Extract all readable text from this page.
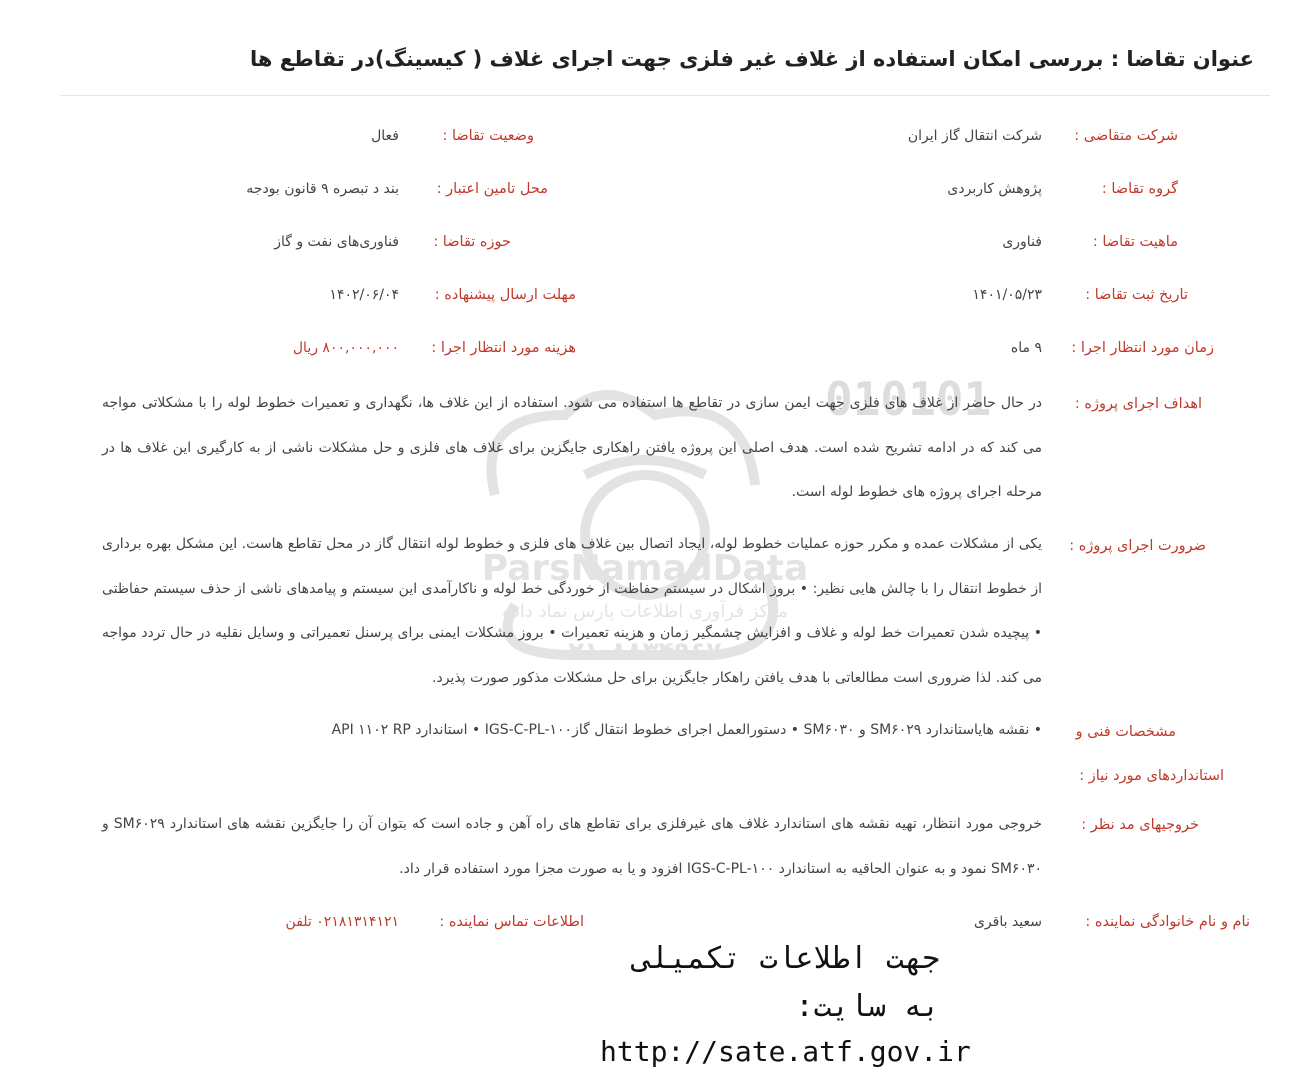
عنوان تقاضا : بررسی امکان استفاده از غلاف غیر فلزی جهت اجرای غلاف ( کیسینگ)در تقاطع ها
شرکت متقاضی :
شرکت انتقال گاز ایران
وضعیت تقاضا :
فعال
گروه تقاضا :
پژوهش کاربردی
محل تامین اعتبار :
بند د تبصره ۹ قانون بودجه
ماهیت تقاضا :
فناوری
حوزه تقاضا :
فناوری‌های نفت و گاز
تاریخ ثبت تقاضا :
۱۴۰۱/۰۵/۲۳
مهلت ارسال پیشنهاده :
۱۴۰۲/۰۶/۰۴
زمان مورد انتظار اجرا :
۹ ماه
هزینه مورد انتظار اجرا :
۸۰۰,۰۰۰,۰۰۰ ریال
010101
ParsNamadData
مرکز فرآوری اطلاعات پارس نماد داده
۰۲۱-۸۸۳۴۹۶۷۰
اهداف اجرای پروژه :
در حال حاضر از غلاف های فلزی جهت ایمن سازی در تقاطع ها استفاده می شود. استفاده از این غلاف ها، نگهداری و تعمیرات خطوط لوله را با مشکلاتی مواجه می کند که در ادامه تشریح شده است. هدف اصلی این پروژه یافتن راهکاری جایگزین برای غلاف های فلزی و حل مشکلات ناشی از به کارگیری این غلاف ها در مرحله اجرای پروژه های خطوط لوله است.
ضرورت اجرای پروژه :
یکی از مشکلات عمده و مکرر حوزه عملیات خطوط لوله، ایجاد اتصال بین غلاف های فلزی و خطوط لوله انتقال گاز در محل تقاطع هاست. این مشکل بهره برداری از خطوط انتقال را با چالش هایی نظیر: • بروز اشکال در سیستم حفاظت از خوردگی خط لوله و ناکارآمدی این سیستم و پیامدهای ناشی از حذف سیستم حفاظتی • پیچیده شدن تعمیرات خط لوله و غلاف و افزایش چشمگیر زمان و هزینه تعمیرات • بروز مشکلات ایمنی برای پرسنل تعمیراتی و وسایل نقلیه در حال تردد مواجه می کند. لذا ضروری است مطالعاتی با هدف یافتن راهکار جایگزین برای حل مشکلات مذکور صورت پذیرد.
مشخصات فنی و
استانداردهای مورد نیاز :
• نقشه هایاستاندارد SM۶۰۲۹ و SM۶۰۳۰ • دستورالعمل اجرای خطوط انتقال گازIGS-C-PL-۱۰۰ • استاندارد API ۱۱۰۲ RP
خروجیهای مد نظر :
خروجی مورد انتظار، تهیه نقشه های استاندارد غلاف های غیرفلزی برای تقاطع های راه آهن و جاده است که بتوان آن را جایگزین نقشه های استاندارد SM۶۰۲۹ و SM۶۰۳۰ نمود و به عنوان الحاقیه به استاندارد IGS-C-PL-۱۰۰ افزود و یا به صورت مجزا مورد استفاده قرار داد.
نام و نام خانوادگی نماینده :
سعید باقری
اطلاعات تماس نماینده :
۰۲۱۸۱۳۱۴۱۲۱ تلفن
جهت اطلاعات تکمیلی به سایت:
http://sate.atf.gov.ir
